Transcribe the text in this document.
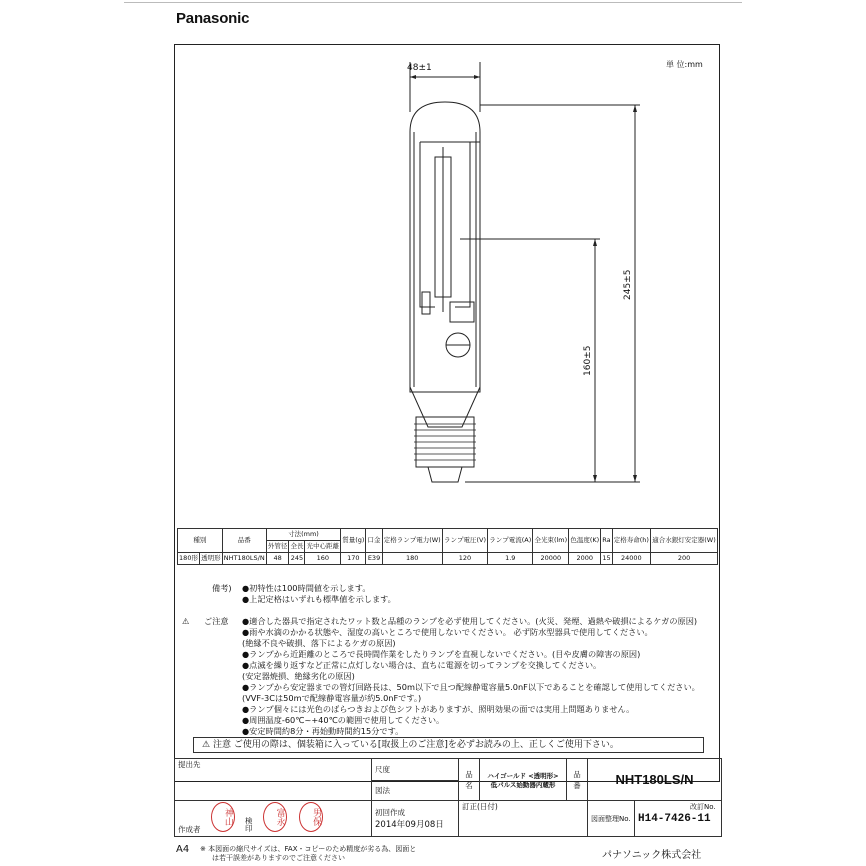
Panasonic
単 位:mm
48±1
245±5
160±5
種別		品番	寸法(mm)			質量(g)	口金	定格ランプ電力(W)	ランプ電圧(V)	ランプ電流(A)	全光束(lm)	色温度(K)	Ra	定格寿命(h)	適合水銀灯安定器(W)
			外管径	全長	光中心距離										
180形	透明形	NHT180LS/N	48	245	160	170	E39	180	120	1.9	20000	2000	15	24000	200
備考) ●初特性は100時間値を示します。
●上記定格はいずれも標準値を示します。
⚠ ご注意 ●適合した器具で指定されたワット数と品種のランプを必ず使用してください。(火災、発煙、過熱や破損によるケガの原因)
●雨や水滴のかかる状態や、湿度の高いところで使用しないでください。 必ず防水型器具で使用してください。
(絶縁不良や破損、落下によるケガの原因)
●ランプから近距離のところで長時間作業をしたりランプを直視しないでください。(目や皮膚の障害の原因)
●点滅を繰り返すなど正常に点灯しない場合は、直ちに電源を切ってランプを交換してください。
(安定器焼損、絶縁劣化の原因)
●ランプから安定器までの管灯回路長は、50m以下で且つ配線静電容量5.0nF以下であることを確認して使用してください。
(VVF-3Cは50mで配線静電容量が約5.0nFです。)
●ランプ個々には光色のばらつきおよび色シフトがありますが、照明効果の面では実用上問題ありません。
●周囲温度-60℃~+40℃の範囲で使用してください。
●安定時間約8分・再始動時間約15分です。
⚠ 注意 ご使用の際は、個装箱に入っている[取扱上のご注意]を必ずお読みの上、正しくご使用下さい。
提出先	尺度	品名	ハイゴールド <透明形> 低パルス始動器内蔵形	品番	NHT180LS/N	
	図法					
作成者 神山 検印 富永 男保	初回作成
2014年09月08日	訂正(日付)			図面整理No.	H14-7426-11
改訂No.
A4 ※ 本図面の縮尺サイズは、FAX・コピーのため精度が劣る為、図面と
は若干誤差がありますのでご注意ください	パナソニック株式会社
